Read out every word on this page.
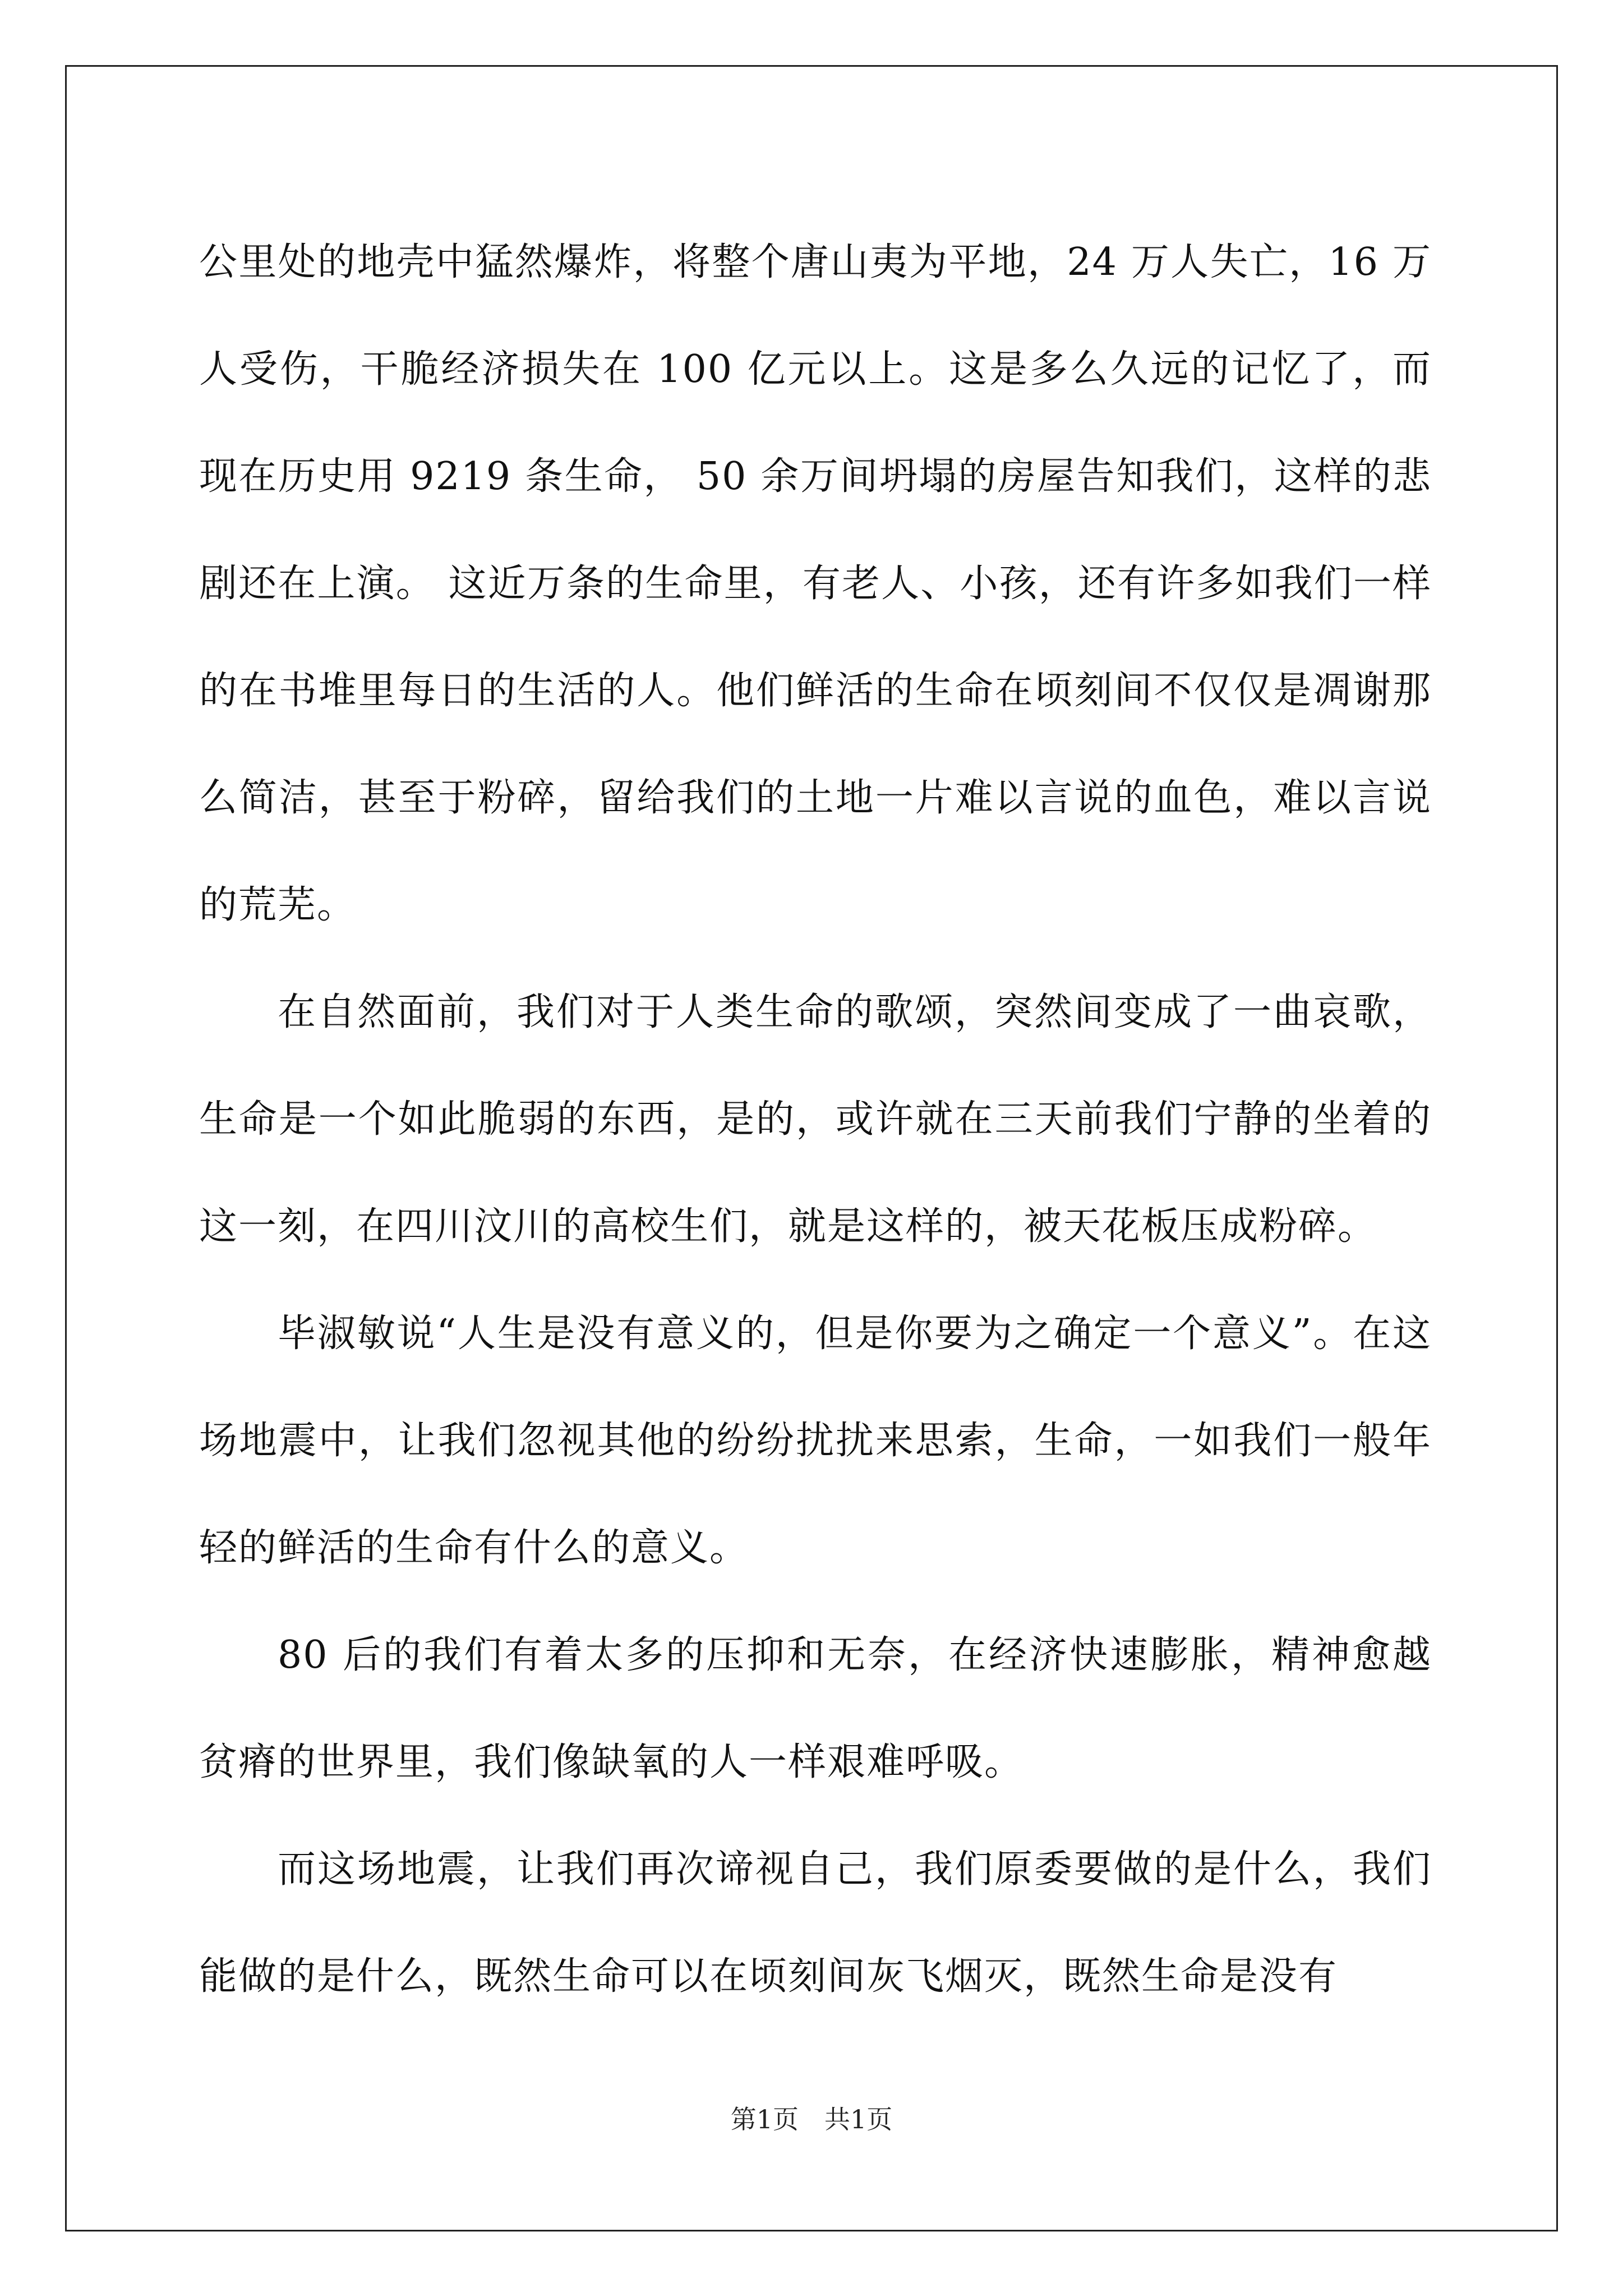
公里处的地壳中猛然爆炸，将整个唐山夷为平地，24 万人失亡，16 万人受伤，干脆经济损失在 100 亿元以上。这是多么久远的记忆了，而现在历史用 9219 条生命， 50 余万间坍塌的房屋告知我们，这样的悲剧还在上演。 这近万条的生命里，有老人、小孩，还有许多如我们一样的在书堆里每日的生活的人。他们鲜活的生命在顷刻间不仅仅是凋谢那么简洁，甚至于粉碎，留给我们的土地一片难以言说的血色，难以言说的荒芜。

在自然面前，我们对于人类生命的歌颂，突然间变成了一曲哀歌，生命是一个如此脆弱的东西，是的，或许就在三天前我们宁静的坐着的这一刻，在四川汶川的高校生们，就是这样的，被天花板压成粉碎。

毕淑敏说“人生是没有意义的，但是你要为之确定一个意义”。在这场地震中，让我们忽视其他的纷纷扰扰来思索，生命，一如我们一般年轻的鲜活的生命有什么的意义。

80 后的我们有着太多的压抑和无奈，在经济快速膨胀，精神愈越贫瘠的世界里，我们像缺氧的人一样艰难呼吸。

而这场地震，让我们再次谛视自己，我们原委要做的是什么，我们能做的是什么，既然生命可以在顷刻间灰飞烟灭，既然生命是没有

第1页　共1页
